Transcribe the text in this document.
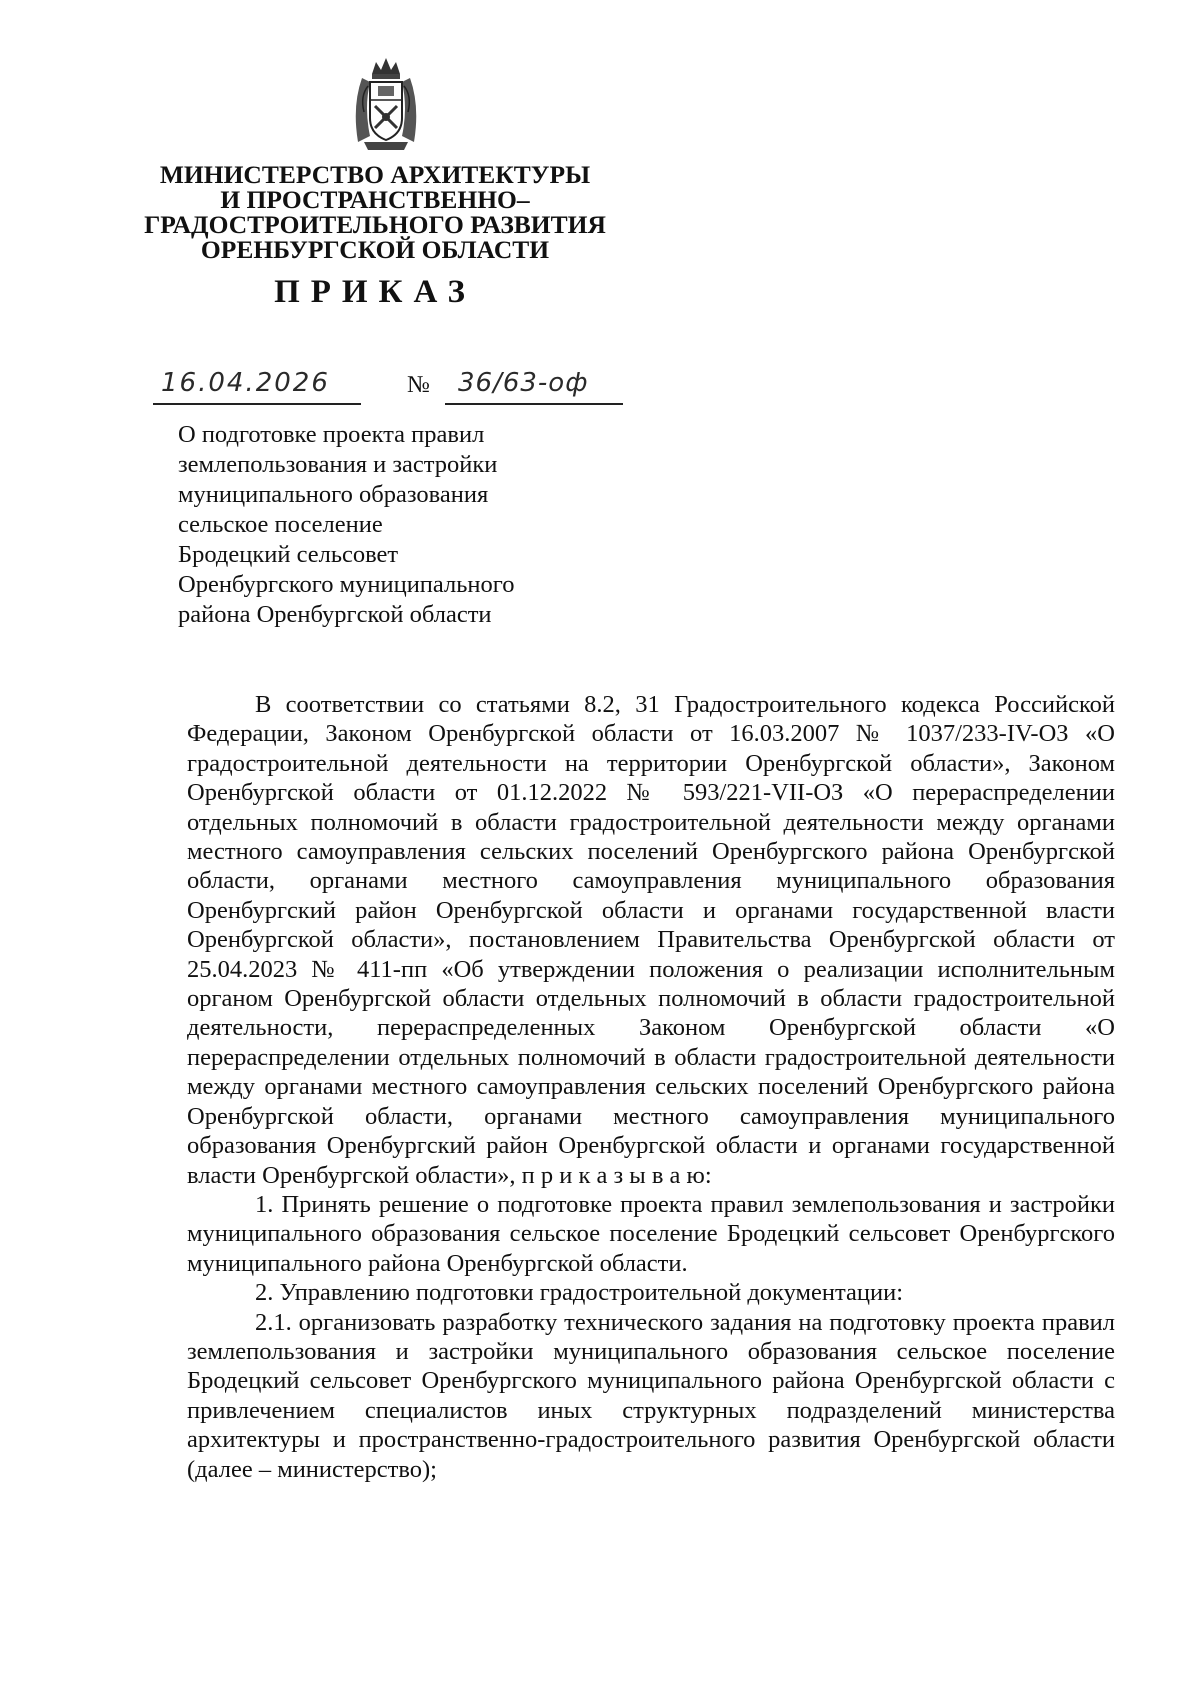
МИНИСТЕРСТВО АРХИТЕКТУРЫ
И ПРОСТРАНСТВЕННО–
ГРАДОСТРОИТЕЛЬНОГО РАЗВИТИЯ
ОРЕНБУРГСКОЙ ОБЛАСТИ
ПРИКАЗ
16.04.2026	№ 36/63-оф
О подготовке проекта правил
землепользования и застройки
муниципального образования
сельское поселение
Бродецкий сельсовет
Оренбургского муниципального
района Оренбургской области

В соответствии со статьями 8.2, 31 Градостроительного кодекса Российской Федерации, Законом Оренбургской области от 16.03.2007 № 1037/233-IV-ОЗ «О градостроительной деятельности на территории Оренбургской области», Законом Оренбургской области от 01.12.2022 № 593/221-VII-ОЗ «О перераспределении отдельных полномочий в области градостроительной деятельности между органами местного самоуправления сельских поселений Оренбургского района Оренбургской области, органами местного самоуправления муниципального образования Оренбургский район Оренбургской области и органами государственной власти Оренбургской области», постановлением Правительства Оренбургской области от 25.04.2023 № 411-пп «Об утверждении положения о реализации исполнительным органом Оренбургской области отдельных полномочий в области градостроительной деятельности, перераспределенных Законом Оренбургской области «О перераспределении отдельных полномочий в области градостроительной деятельности между органами местного самоуправления сельских поселений Оренбургского района Оренбургской области, органами местного самоуправления муниципального образования Оренбургский район Оренбургской области и органами государственной власти Оренбургской области», п р и к а з ы в а ю:

1. Принять решение о подготовке проекта правил землепользования и застройки муниципального образования сельское поселение Бродецкий сельсовет Оренбургского муниципального района Оренбургской области.

2. Управлению подготовки градостроительной документации:

2.1. организовать разработку технического задания на подготовку проекта правил землепользования и застройки муниципального образования сельское поселение Бродецкий сельсовет Оренбургского муниципального района Оренбургской области с привлечением специалистов иных структурных подразделений министерства архитектуры и пространственно-градостроительного развития Оренбургской области (далее – министерство);
